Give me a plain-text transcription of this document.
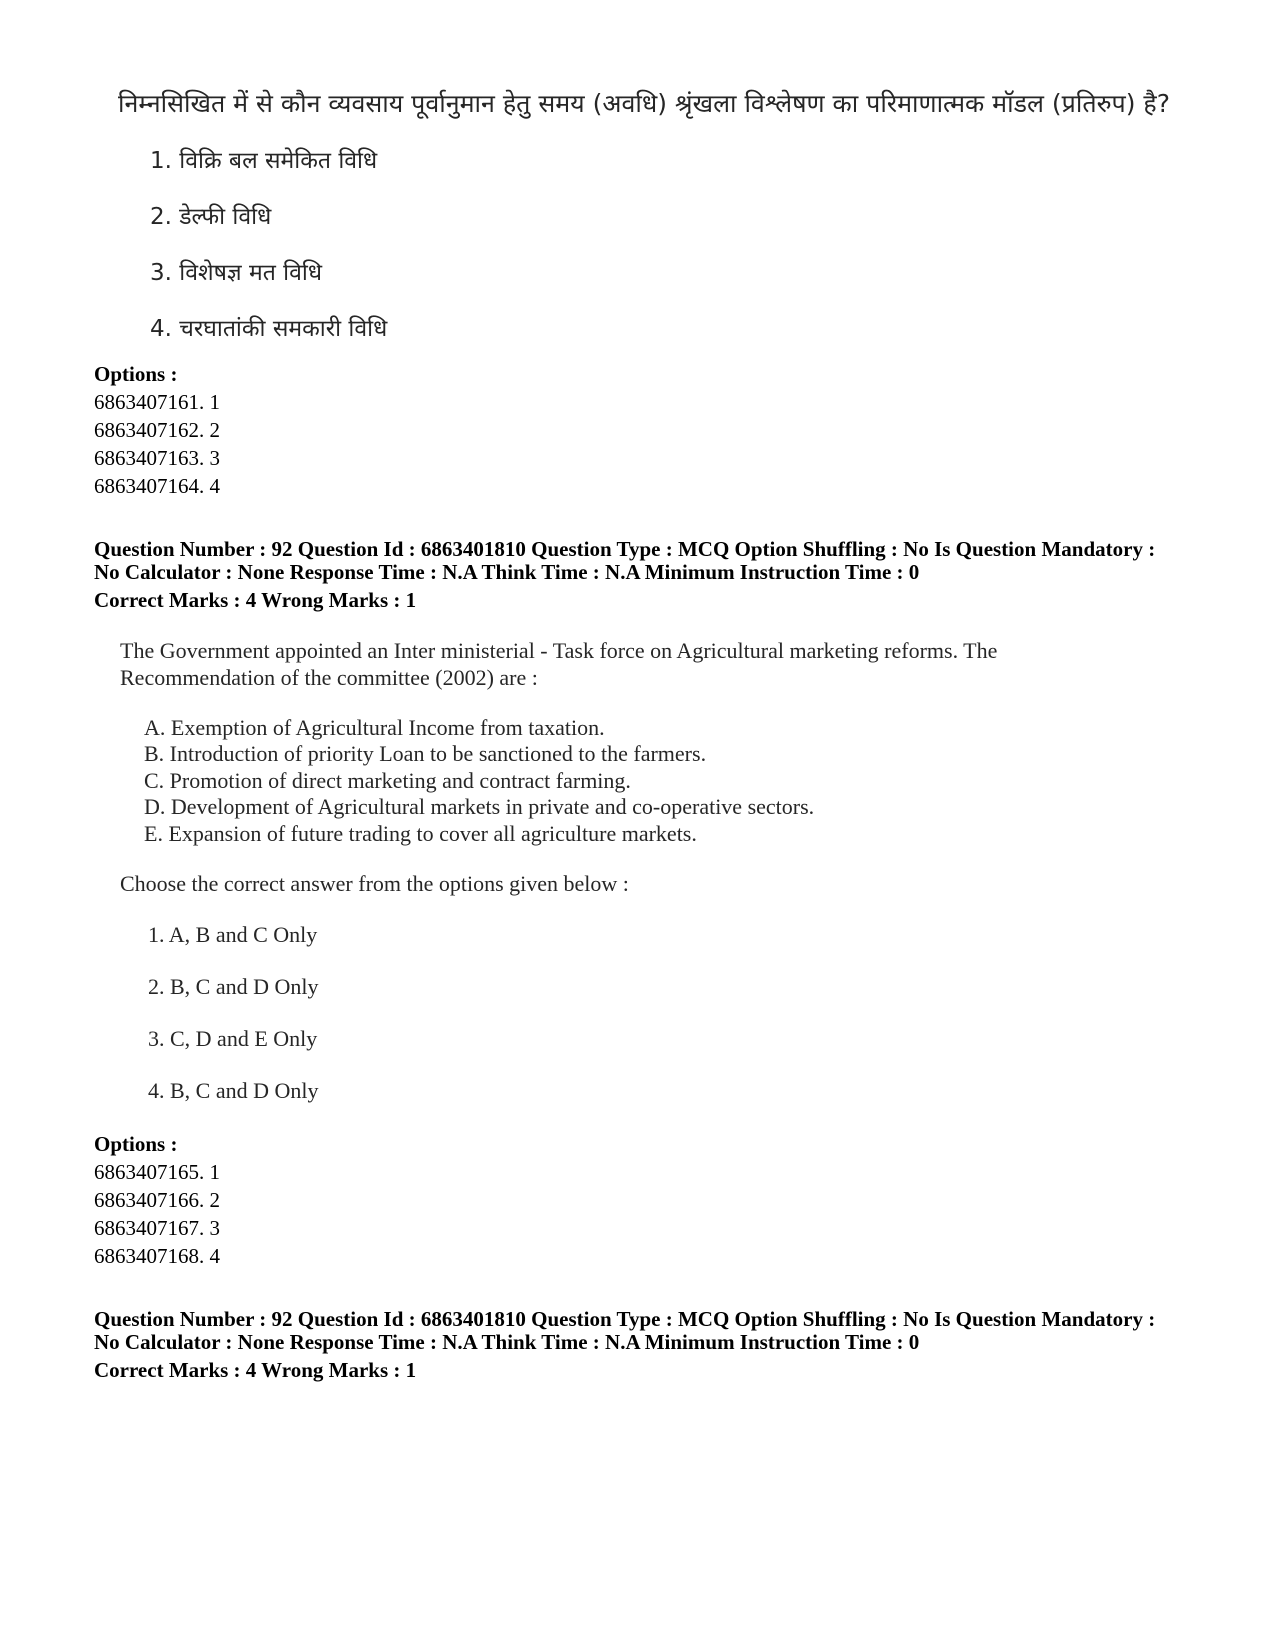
निम्नसिखित में से कौन व्यवसाय पूर्वानुमान हेतु समय (अवधि) श्रृंखला विश्लेषण का परिमाणात्मक मॉडल (प्रतिरुप) है?
1. विक्रि बल समेकित विधि
2. डेल्फी विधि
3. विशेषज्ञ मत विधि
4. चरघातांकी समकारी विधि
Options :
6863407161. 1
6863407162. 2
6863407163. 3
6863407164. 4
Question Number : 92 Question Id : 6863401810 Question Type : MCQ Option Shuffling : No Is Question Mandatory :
No Calculator : None Response Time : N.A Think Time : N.A Minimum Instruction Time : 0
Correct Marks : 4 Wrong Marks : 1
The Government appointed an Inter ministerial - Task force on Agricultural marketing reforms. The
Recommendation of the committee (2002) are :
A. Exemption of Agricultural Income from taxation.
B. Introduction of priority Loan to be sanctioned to the farmers.
C. Promotion of direct marketing and contract farming.
D. Development of Agricultural markets in private and co-operative sectors.
E. Expansion of future trading to cover all agriculture markets.
Choose the correct answer from the options given below :
1. A, B and C Only
2. B, C and D Only
3. C, D and E Only
4. B, C and D Only
Options :
6863407165. 1
6863407166. 2
6863407167. 3
6863407168. 4
Question Number : 92 Question Id : 6863401810 Question Type : MCQ Option Shuffling : No Is Question Mandatory :
No Calculator : None Response Time : N.A Think Time : N.A Minimum Instruction Time : 0
Correct Marks : 4 Wrong Marks : 1
